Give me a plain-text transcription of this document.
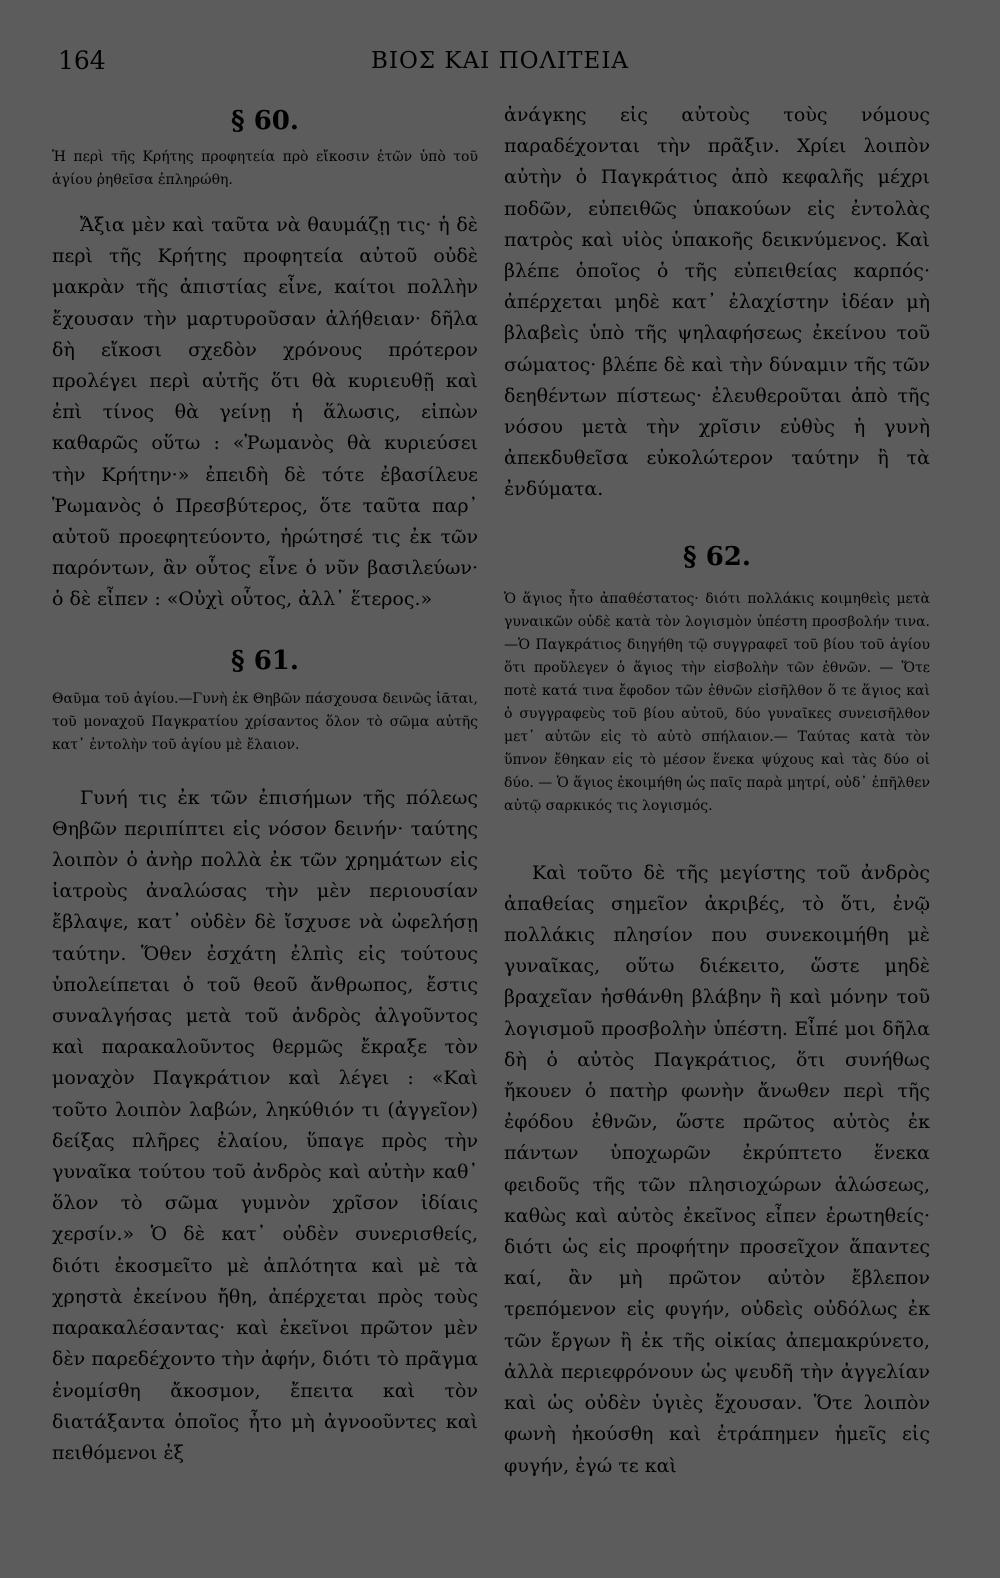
164	ΒΙΟΣ ΚΑΙ ΠΟΛΙΤΕΙΑ
§ 60.

Ἡ περὶ τῆς Κρήτης προφητεία πρὸ εἴκοσιν ἐτῶν ὑπὸ τοῦ ἁγίου ῥηθεῖσα ἐπληρώθη.

Ἄξια μὲν καὶ ταῦτα νὰ θαυμάζῃ τις· ἡ δὲ περὶ τῆς Κρήτης προφητεία αὐτοῦ οὐδὲ μακρὰν τῆς ἀπιστίας εἶνε, καίτοι πολλὴν ἔχουσαν τὴν μαρτυροῦσαν ἀλήθειαν· δῆλα δὴ εἴκοσι σχεδὸν χρόνους πρότερον προλέγει περὶ αὐτῆς ὅτι θὰ κυριευθῇ καὶ ἐπὶ τίνος θὰ γείνῃ ἡ ἅλωσις, εἰπὼν καθαρῶς οὕτω : «Ῥωμανὸς θὰ κυριεύσει τὴν Κρήτην·» ἐπειδὴ δὲ τότε ἐβασίλευε Ῥωμανὸς ὁ Πρεσβύτερος, ὅτε ταῦτα παρ᾽ αὐτοῦ προεφητεύοντο, ἠρώτησέ τις ἐκ τῶν παρόντων, ἂν οὗτος εἶνε ὁ νῦν βασιλεύων· ὁ δὲ εἶπεν : «Οὐχὶ οὗτος, ἀλλ᾽ ἕτερος.»

§ 61.

Θαῦμα τοῦ ἁγίου.—Γυνὴ ἐκ Θηβῶν πάσχουσα δεινῶς ἰᾶται, τοῦ μοναχοῦ Παγκρατίου χρίσαντος ὅλον τὸ σῶμα αὐτῆς κατ᾽ ἐντολὴν τοῦ ἁγίου μὲ ἔλαιον.

Γυνή τις ἐκ τῶν ἐπισήμων τῆς πόλεως Θηβῶν περιπίπτει εἰς νόσον δεινήν· ταύτης λοιπὸν ὁ ἀνὴρ πολλὰ ἐκ τῶν χρημάτων εἰς ἰατροὺς ἀναλώσας τὴν μὲν περιουσίαν ἔβλαψε, κατ᾽ οὐδὲν δὲ ἴσχυσε νὰ ὠφελήσῃ ταύτην. Ὅθεν ἐσχάτη ἐλπὶς εἰς τούτους ὑπολείπεται ὁ τοῦ θεοῦ ἄνθρωπος, ἔστις συναλγήσας μετὰ τοῦ ἀνδρὸς ἀλγοῦντος καὶ παρακαλοῦντος θερμῶς ἔκραξε τὸν μοναχὸν Παγκράτιον καὶ λέγει : «Καὶ τοῦτο λοιπὸν λαβών, ληκύθιόν τι (ἀγγεῖον) δείξας πλῆρες ἐλαίου, ὕπαγε πρὸς τὴν γυναῖκα τούτου τοῦ ἀνδρὸς καὶ αὐτὴν καθ᾽ ὅλον τὸ σῶμα γυμνὸν χρῖσον ἰδίαις χερσίν.» Ὁ δὲ κατ᾽ οὐδὲν συνερισθείς, διότι ἐκοσμεῖτο μὲ ἁπλότητα καὶ μὲ τὰ χρηστὰ ἐκείνου ἤθη, ἀπέρχεται πρὸς τοὺς παρακαλέσαντας· καὶ ἐκεῖνοι πρῶτον μὲν δὲν παρεδέχοντο τὴν ἀφήν, διότι τὸ πρᾶγμα ἐνομίσθη ἄκοσμον, ἔπειτα καὶ τὸν διατάξαντα ὁποῖος ἦτο μὴ ἀγνοοῦντες καὶ πειθόμενοι ἐξ

ἀνάγκης εἰς αὐτοὺς τοὺς νόμους παραδέχονται τὴν πρᾶξιν. Χρίει λοιπὸν αὐτὴν ὁ Παγκράτιος ἀπὸ κεφαλῆς μέχρι ποδῶν, εὐπειθῶς ὑπακούων εἰς ἐντολὰς πατρὸς καὶ υἱὸς ὑπακοῆς δεικνύμενος. Καὶ βλέπε ὁποῖος ὁ τῆς εὐπειθείας καρπός· ἀπέρχεται μηδὲ κατ᾽ ἐλαχίστην ἰδέαν μὴ βλαβεὶς ὑπὸ τῆς ψηλαφήσεως ἐκείνου τοῦ σώματος· βλέπε δὲ καὶ τὴν δύναμιν τῆς τῶν δεηθέντων πίστεως· ἐλευθεροῦται ἀπὸ τῆς νόσου μετὰ τὴν χρῖσιν εὐθὺς ἡ γυνὴ ἀπεκδυθεῖσα εὐκολώτερον ταύτην ἢ τὰ ἐνδύματα.

§ 62.

Ὁ ἅγιος ἦτο ἀπαθέστατος· διότι πολλάκις κοιμηθεὶς μετὰ γυναικῶν οὐδὲ κατὰ τὸν λογισμὸν ὑπέστη προσβολήν τινα.—Ὁ Παγκράτιος διηγήθη τῷ συγγραφεῖ τοῦ βίου τοῦ ἁγίου ὅτι προὔλεγεν ὁ ἅγιος τὴν εἰσβολὴν τῶν ἐθνῶν. — Ὅτε ποτὲ κατά τινα ἔφοδον τῶν ἐθνῶν εἰσῆλθον ὅ τε ἅγιος καὶ ὁ συγγραφεὺς τοῦ βίου αὐτοῦ, δύο γυναῖκες συνεισῆλθον μετ᾽ αὐτῶν εἰς τὸ αὐτὸ σπήλαιον.— Ταύτας κατὰ τὸν ὕπνον ἔθηκαν εἰς τὸ μέσον ἕνεκα ψύχους καὶ τὰς δύο οἱ δύο. — Ὁ ἅγιος ἐκοιμήθη ὡς παῖς παρὰ μητρί, οὐδ᾽ ἐπῆλθεν αὐτῷ σαρκικός τις λογισμός.

Καὶ τοῦτο δὲ τῆς μεγίστης τοῦ ἀνδρὸς ἀπαθείας σημεῖον ἀκριβές, τὸ ὅτι, ἐνῷ πολλάκις πλησίον που συνεκοιμήθη μὲ γυναῖκας, οὕτω διέκειτο, ὥστε μηδὲ βραχεῖαν ἠσθάνθη βλάβην ἢ καὶ μόνην τοῦ λογισμοῦ προσβολὴν ὑπέστη. Εἶπέ μοι δῆλα δὴ ὁ αὐτὸς Παγκράτιος, ὅτι συνήθως ἤκουεν ὁ πατὴρ φωνὴν ἄνωθεν περὶ τῆς ἐφόδου ἐθνῶν, ὥστε πρῶτος αὐτὸς ἐκ πάντων ὑποχωρῶν ἐκρύπτετο ἕνεκα φειδοῦς τῆς τῶν πλησιοχώρων ἁλώσεως, καθὼς καὶ αὐτὸς ἐκεῖνος εἶπεν ἐρωτηθείς· διότι ὡς εἰς προφήτην προσεῖχον ἅπαντες καί, ἂν μὴ πρῶτον αὐτὸν ἔβλεπον τρεπόμενον εἰς φυγήν, οὐδεὶς οὐδόλως ἐκ τῶν ἔργων ἢ ἐκ τῆς οἰκίας ἀπεμακρύνετο, ἀλλὰ περιεφρόνουν ὡς ψευδῆ τὴν ἀγγελίαν καὶ ὡς οὐδὲν ὑγιὲς ἔχουσαν. Ὅτε λοιπὸν φωνὴ ἠκούσθη καὶ ἐτράπημεν ἡμεῖς εἰς φυγήν, ἐγώ τε καὶ
